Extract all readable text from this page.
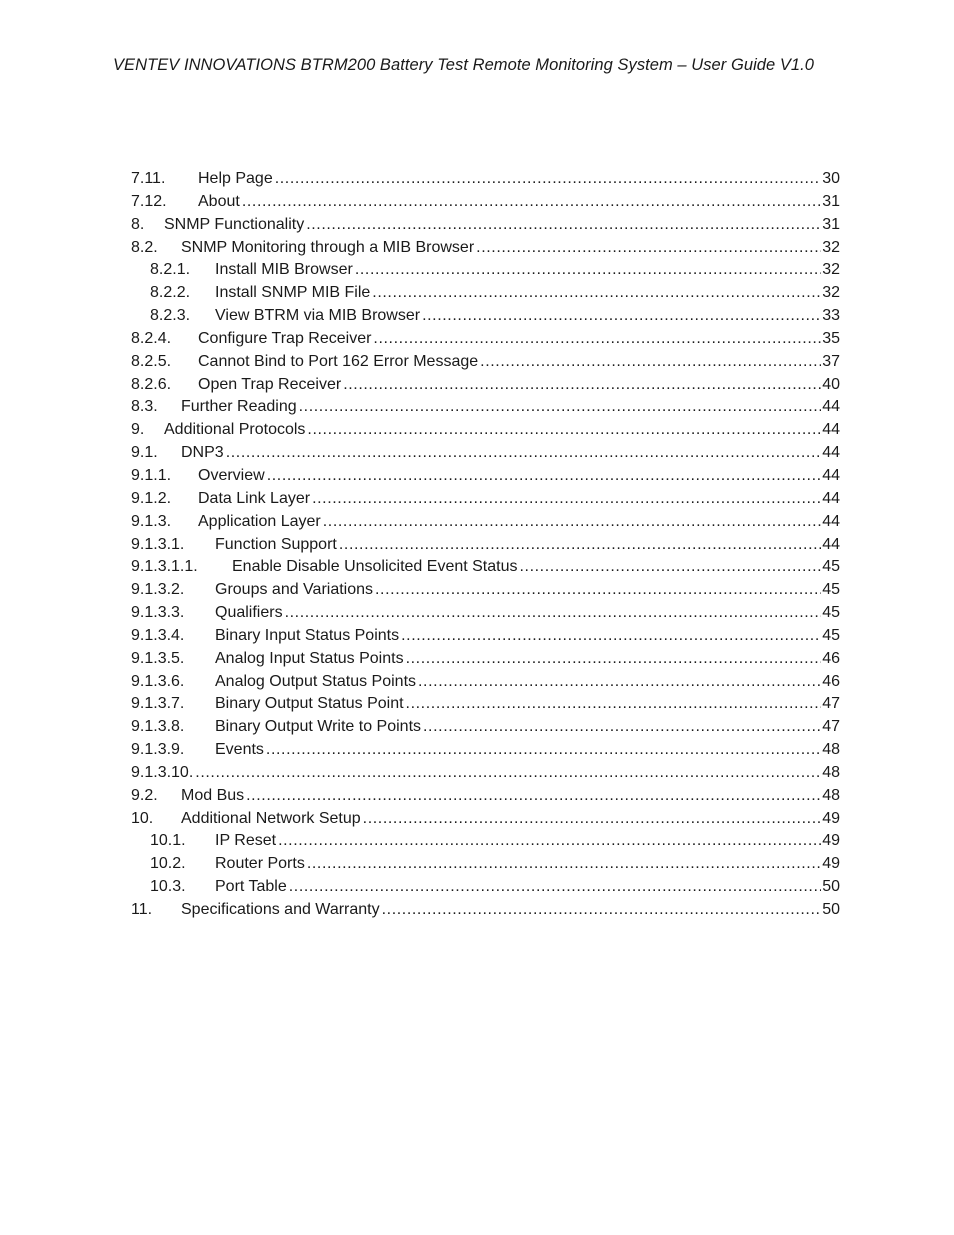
VENTEV INNOVATIONS BTRM200 Battery Test Remote Monitoring System – User Guide V1.0
7.11.	Help Page .....	30
7.12.	About .....	31
8.	SNMP Functionality .....	31
8.2.	SNMP Monitoring through a MIB Browser .....	32
8.2.1.	Install MIB Browser .....	32
8.2.2.	Install SNMP MIB File .....	32
8.2.3.	View BTRM via MIB Browser .....	33
8.2.4.	Configure Trap Receiver .....	35
8.2.5.	Cannot Bind to Port 162 Error Message .....	37
8.2.6.	Open Trap Receiver .....	40
8.3.	Further Reading .....	44
9.	Additional Protocols .....	44
9.1.	DNP3 .....	44
9.1.1.	Overview .....	44
9.1.2.	Data Link Layer .....	44
9.1.3.	Application Layer .....	44
9.1.3.1.	Function Support .....	44
9.1.3.1.1.	Enable Disable Unsolicited Event Status .....	45
9.1.3.2.	Groups and Variations .....	45
9.1.3.3.	Qualifiers .....	45
9.1.3.4.	Binary Input Status Points .....	45
9.1.3.5.	Analog Input Status Points .....	46
9.1.3.6.	Analog Output Status Points .....	46
9.1.3.7.	Binary Output Status Point .....	47
9.1.3.8.	Binary Output Write to Points .....	47
9.1.3.9.	Events .....	48
9.1.3.10. .....	48
9.2.	Mod Bus .....	48
10.	Additional Network Setup .....	49
10.1.	IP Reset .....	49
10.2.	Router Ports .....	49
10.3.	Port Table .....	50
11.	Specifications and Warranty .....	50
